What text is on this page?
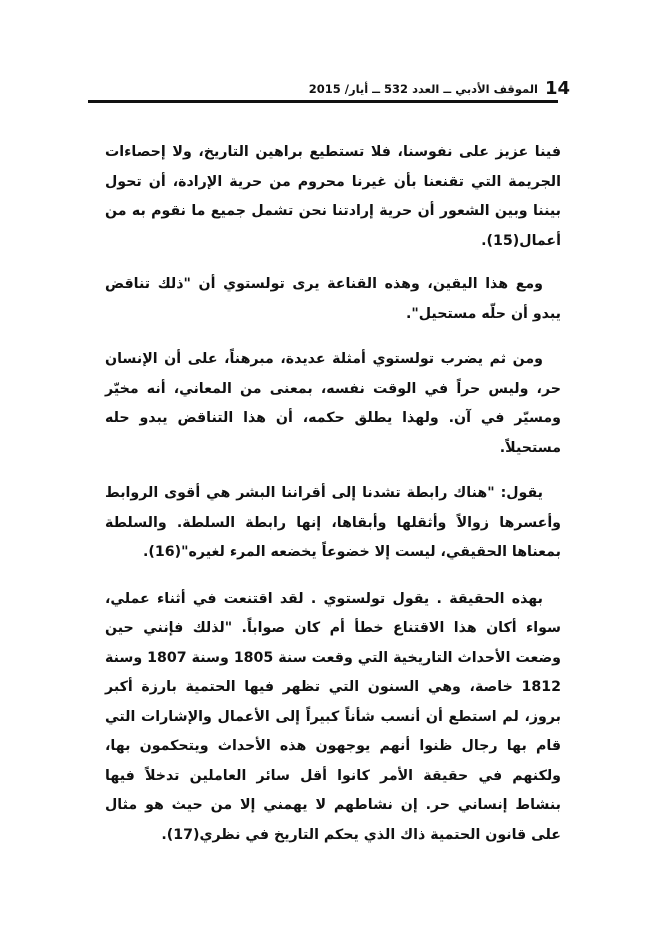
14
الموقف الأدبي ــ العدد 532 ــ أيار/ 2015

فينا عزيز على نفوسنا، فلا تستطيع براهين التاريخ، ولا إحصاءات الجريمة التي تقنعنا بأن غيرنا محروم من حرية الإرادة، أن تحول بيننا وبين الشعور أن حرية إرادتنا نحن تشمل جميع ما نقوم به من أعمال(15).

ومع هذا اليقين، وهذه القناعة يرى تولستوي أن "ذلك تناقض يبدو أن حلّه مستحيل".

ومن ثم يضرب تولستوي أمثلة عديدة، مبرهناً، على أن الإنسان حر، وليس حراً في الوقت نفسه، بمعنى من المعاني، أنه مخيّر ومسيّر في آن. ولهذا يطلق حكمه، أن هذا التناقض يبدو حله مستحيلاً.

يقول: "هناك رابطة تشدنا إلى أقراننا البشر هي أقوى الروابط وأعسرها زوالاً وأثقلها وأبقاها، إنها رابطة السلطة. والسلطة بمعناها الحقيقي، ليست إلا خضوعاً يخضعه المرء لغيره"(16).

بهذه الحقيقة . يقول تولستوي . لقد اقتنعت في أثناء عملي، سواء أكان هذا الاقتناع خطأ أم كان صواباً. "لذلك فإنني حين وضعت الأحداث التاريخية التي وقعت سنة 1805 وسنة 1807 وسنة 1812 خاصة، وهي السنون التي تظهر فيها الحتمية بارزة أكبر بروز، لم استطع أن أنسب شأناً كبيراً إلى الأعمال والإشارات التي قام بها رجال ظنوا أنهم يوجهون هذه الأحداث ويتحكمون بها، ولكنهم في حقيقة الأمر كانوا أقل سائر العاملين تدخلاً فيها بنشاط إنساني حر. إن نشاطهم لا يهمني إلا من حيث هو مثال على قانون الحتمية ذاك الذي يحكم التاريخ في نظري(17).
